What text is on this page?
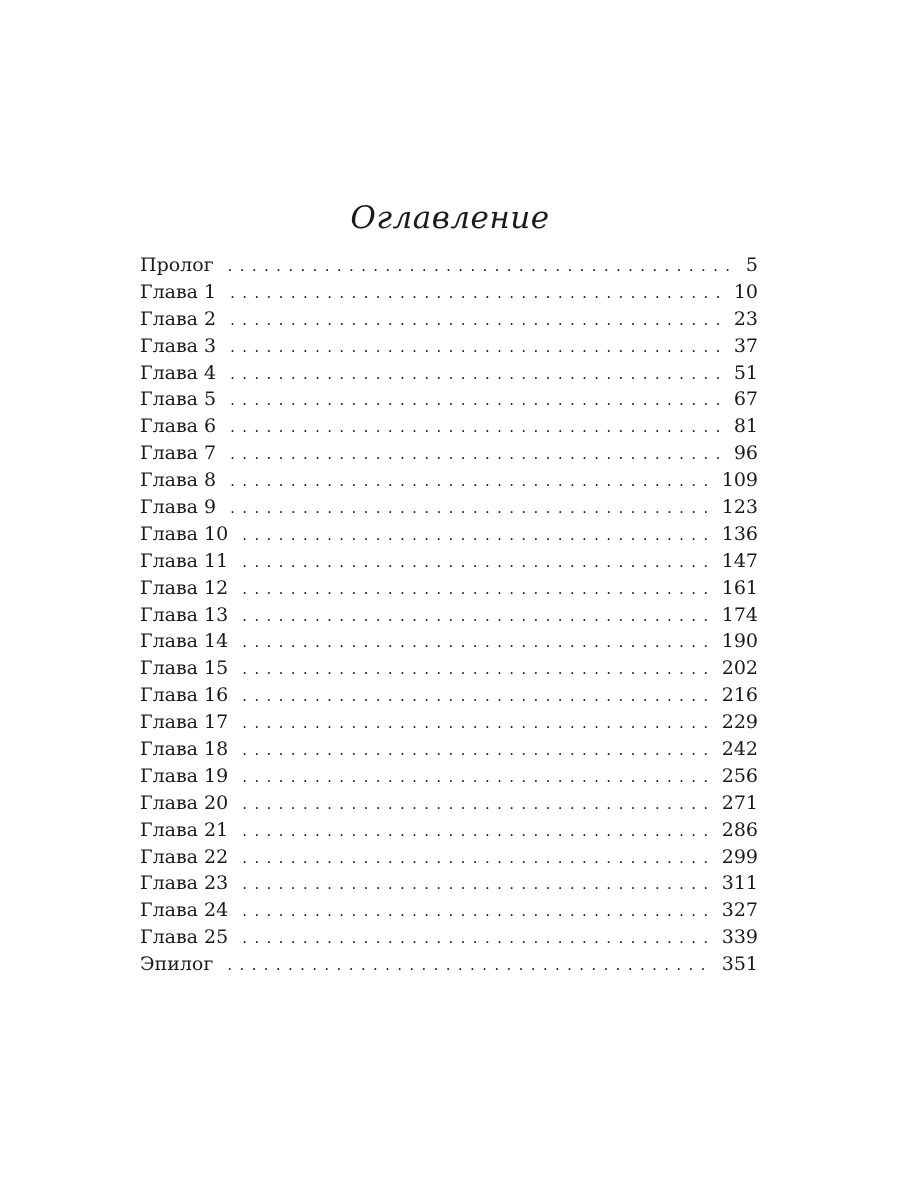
Оглавление
Пролог . . .	5
Глава 1 . . .	10
Глава 2 . . .	23
Глава 3 . . .	37
Глава 4 . . .	51
Глава 5 . . .	67
Глава 6 . . .	81
Глава 7 . . .	96
Глава 8 . . .	109
Глава 9 . . .	123
Глава 10 . . .	136
Глава 11 . . .	147
Глава 12 . . .	161
Глава 13 . . .	174
Глава 14 . . .	190
Глава 15 . . .	202
Глава 16 . . .	216
Глава 17 . . .	229
Глава 18 . . .	242
Глава 19 . . .	256
Глава 20 . . .	271
Глава 21 . . .	286
Глава 22 . . .	299
Глава 23 . . .	311
Глава 24 . . .	327
Глава 25 . . .	339
Эпилог . . .	351
